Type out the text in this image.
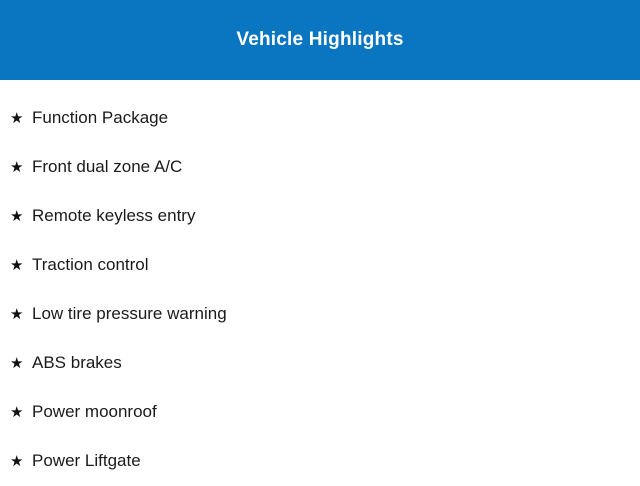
Vehicle Highlights
★ Function Package
★ Front dual zone A/C
★ Remote keyless entry
★ Traction control
★ Low tire pressure warning
★ ABS brakes
★ Power moonroof
★ Power Liftgate
